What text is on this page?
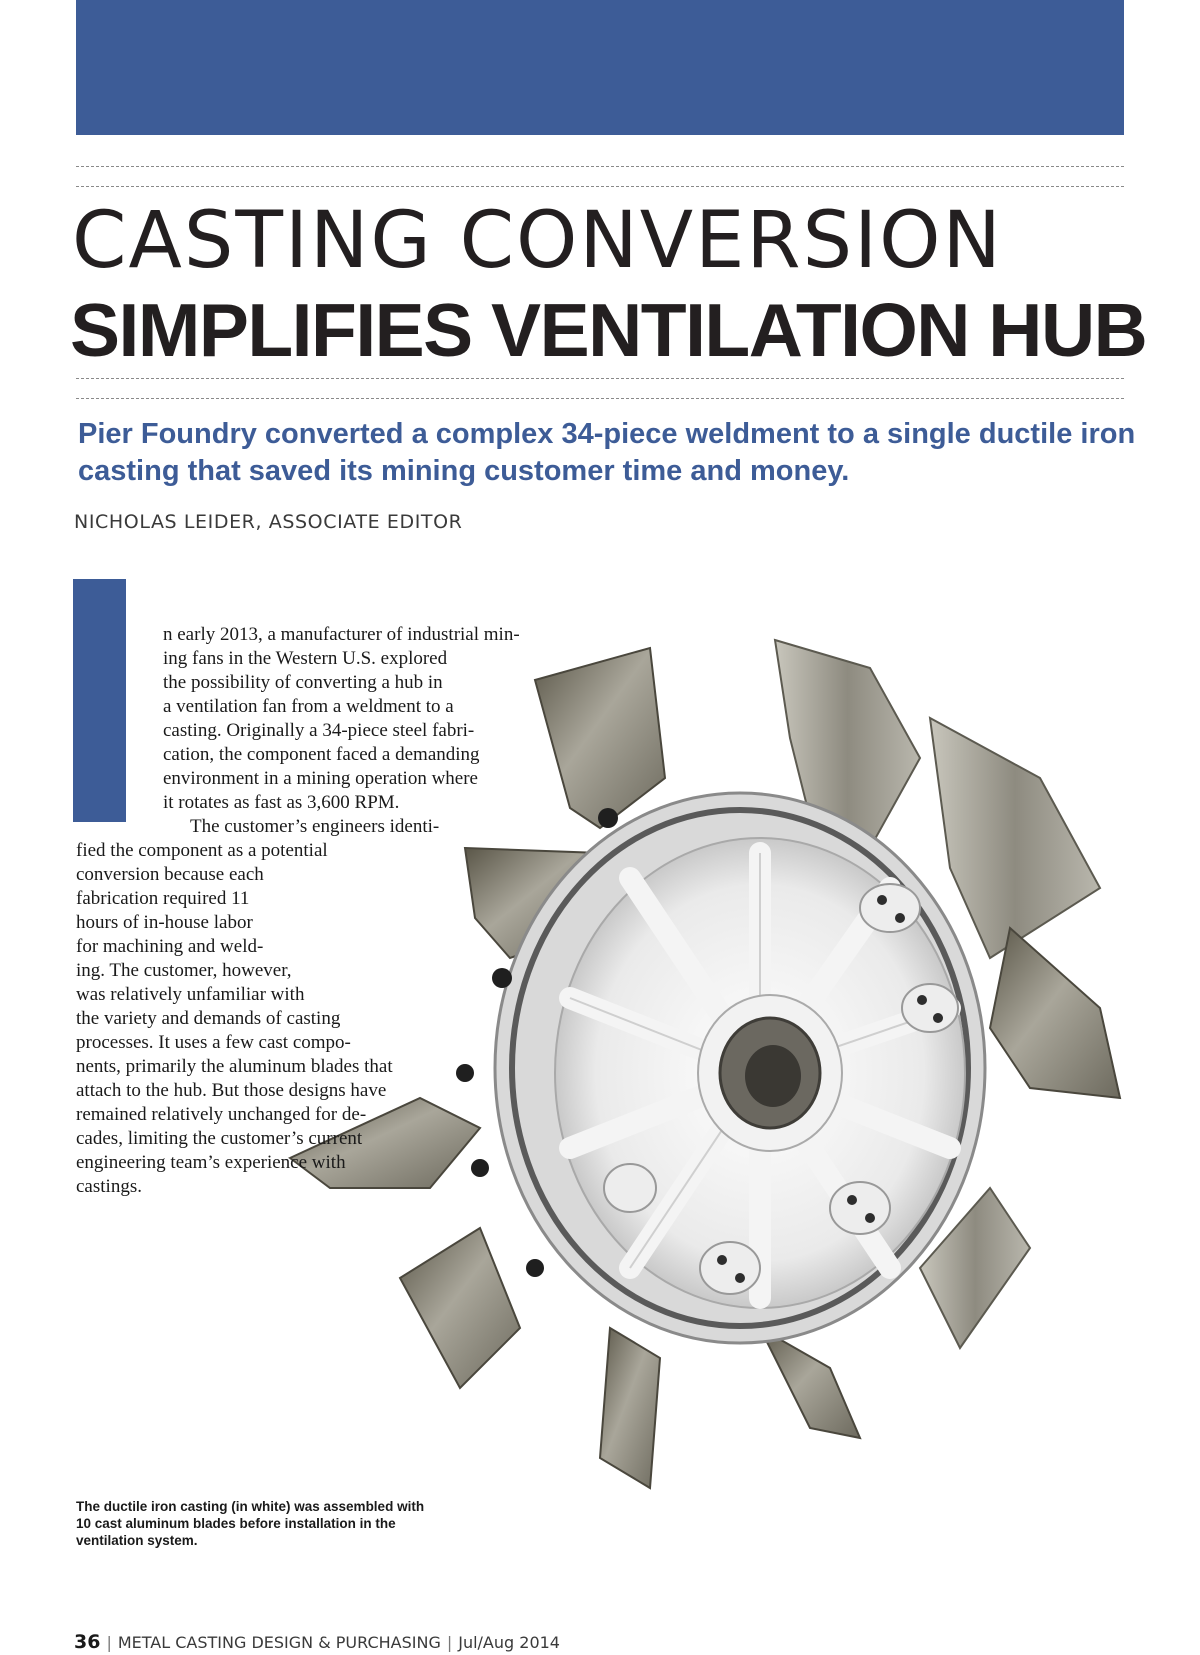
CASTING CONVERSION
SIMPLIFIES VENTILATION HUB
Pier Foundry converted a complex 34-piece weldment to a single ductile iron casting that saved its mining customer time and money.
NICHOLAS LEIDER, ASSOCIATE EDITOR
n early 2013, a manufacturer of industrial min-
ing fans in the Western U.S. explored
the possibility of converting a hub in
a ventilation fan from a weldment to a
casting. Originally a 34-piece steel fabri-
cation, the component faced a demanding
environment in a mining operation where
it rotates as fast as 3,600 RPM.
The customer’s engineers identi-
fied the component as a potential
conversion because each
fabrication required 11
hours of in-house labor
for machining and weld-
ing. The customer, however,
was relatively unfamiliar with
the variety and demands of casting
processes. It uses a few cast compo-
nents, primarily the aluminum blades that
attach to the hub. But those designs have
remained relatively unchanged for de-
cades, limiting the customer’s current
engineering team’s experience with
castings.
The ductile iron casting (in white) was assembled with 10 cast aluminum blades before installation in the ventilation system.
36 | METAL CASTING DESIGN & PURCHASING | Jul/Aug 2014
